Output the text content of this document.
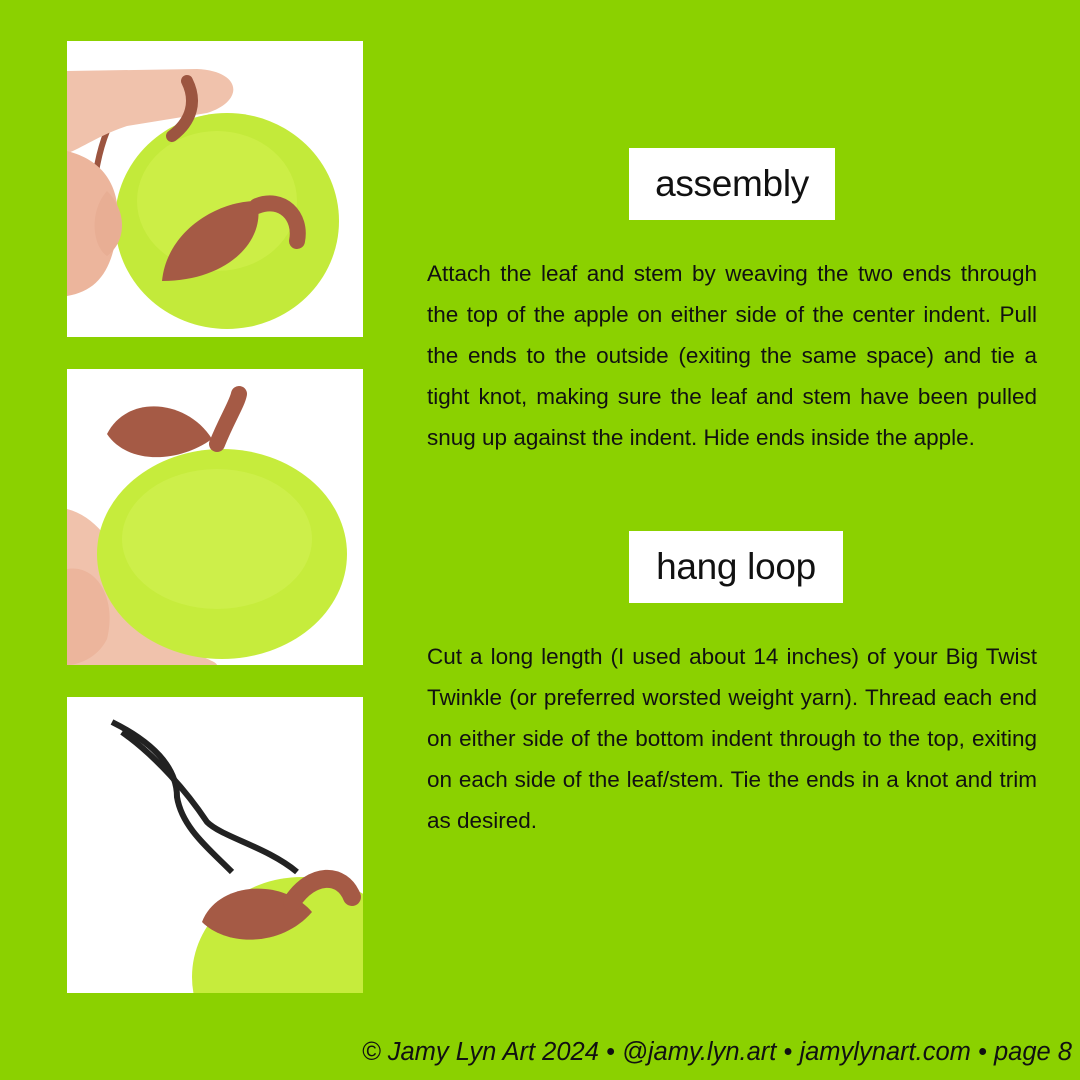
assembly

Attach the leaf and stem by weaving the two ends through the top of the apple on either side of the center indent. Pull the ends to the outside (exiting the same space) and tie a tight knot, making sure the leaf and stem have been pulled snug up against the indent. Hide ends inside the apple.

hang loop

Cut a long length (I used about 14 inches) of your Big Twist Twinkle (or preferred worsted weight yarn). Thread each end on either side of the bottom indent through to the top, exiting on each side of the leaf/stem. Tie the ends in a knot and trim as desired.

© Jamy Lyn Art 2024 • @jamy.lyn.art • jamylynart.com • page 8
